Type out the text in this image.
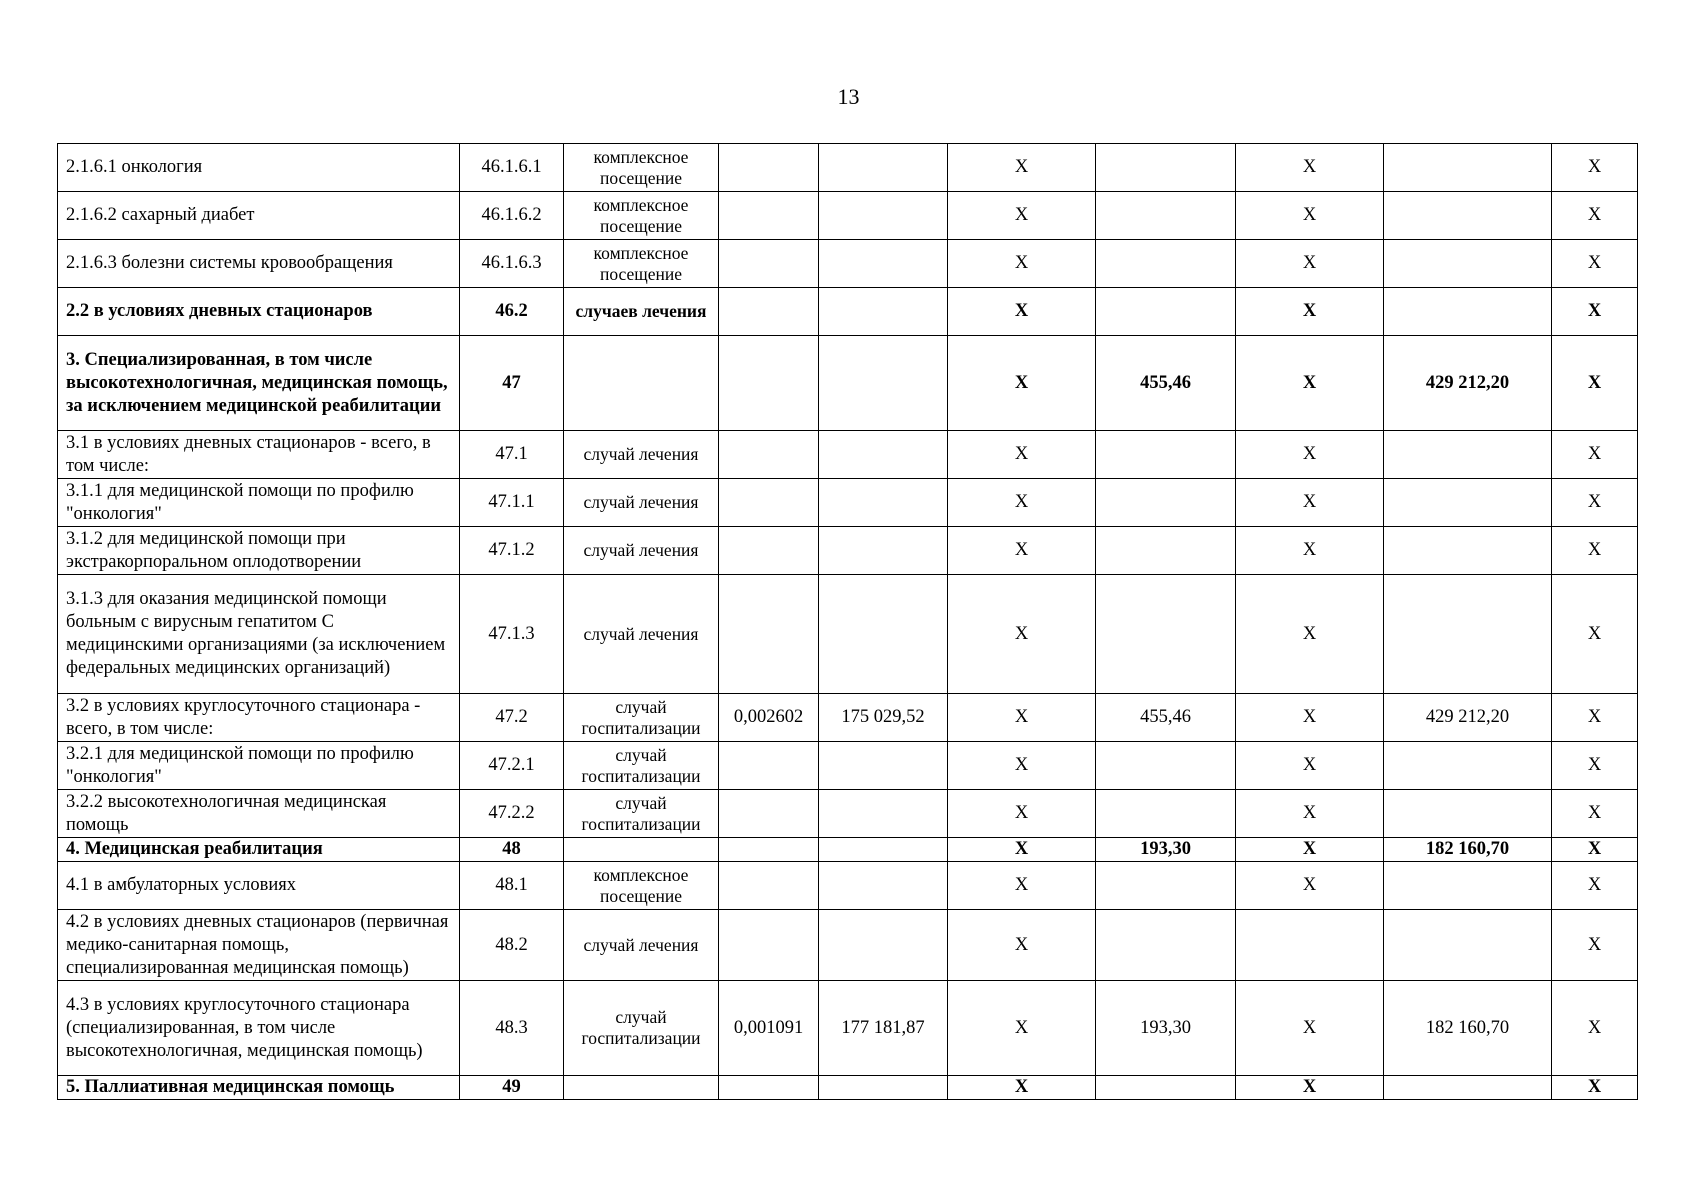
13
2.1.6.1 онкология	46.1.6.1	комплексное посещение			X		X		X
2.1.6.2 сахарный диабет	46.1.6.2	комплексное посещение			X		X		X
2.1.6.3 болезни системы кровообращения	46.1.6.3	комплексное посещение			X		X		X
2.2 в условиях дневных стационаров	46.2	случаев лечения			X		X		X
3. Специализированная, в том числе высокотехнологичная, медицинская помощь, за исключением медицинской реабилитации	47				X	455,46	X	429 212,20	X
3.1 в условиях дневных стационаров - всего, в том числе:	47.1	случай лечения			X		X		X
3.1.1 для медицинской помощи по профилю "онкология"	47.1.1	случай лечения			X		X		X
3.1.2 для медицинской помощи при экстракорпоральном оплодотворении	47.1.2	случай лечения			X		X		X
3.1.3 для оказания медицинской помощи больным с вирусным гепатитом С медицинскими организациями (за исключением федеральных медицинских организаций)	47.1.3	случай лечения			X		X		X
3.2 в условиях круглосуточного стационара - всего, в том числе:	47.2	случай госпитализации	0,002602	175 029,52	X	455,46	X	429 212,20	X
3.2.1 для медицинской помощи по профилю "онкология"	47.2.1	случай госпитализации			X		X		X
3.2.2 высокотехнологичная медицинская помощь	47.2.2	случай госпитализации			X		X		X
4. Медицинская реабилитация	48				X	193,30	X	182 160,70	X
4.1 в амбулаторных условиях	48.1	комплексное посещение			X		X		X
4.2 в условиях дневных стационаров (первичная медико-санитарная помощь, специализированная медицинская помощь)	48.2	случай лечения			X				X
4.3 в условиях круглосуточного стационара (специализированная, в том числе высокотехнологичная, медицинская помощь)	48.3	случай госпитализации	0,001091	177 181,87	X	193,30	X	182 160,70	X
5. Паллиативная медицинская помощь	49				X		X		X
